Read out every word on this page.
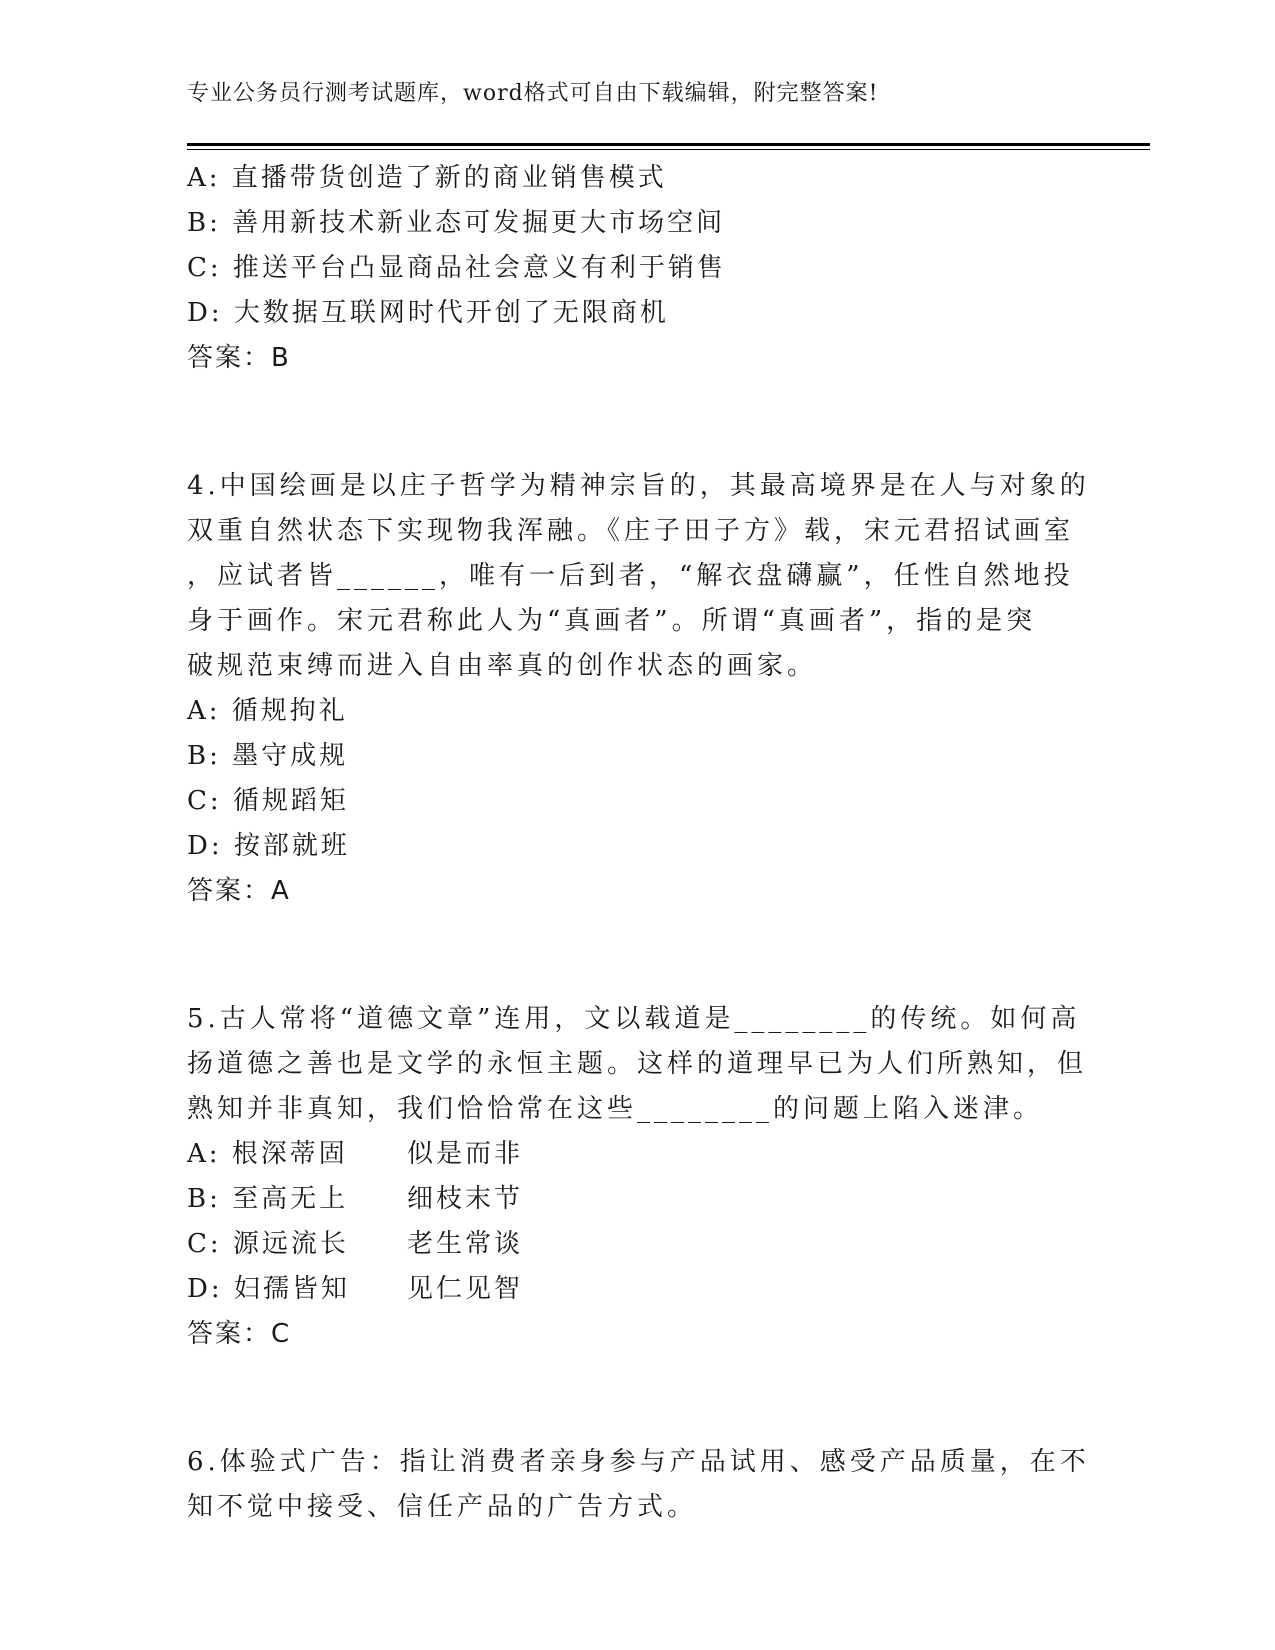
专业公务员行测考试题库，word格式可自由下载编辑，附完整答案!
A: 直播带货创造了新的商业销售模式
B: 善用新技术新业态可发掘更大市场空间
C: 推送平台凸显商品社会意义有利于销售
D: 大数据互联网时代开创了无限商机
答案：B
4.中国绘画是以庄子哲学为精神宗旨的，其最高境界是在人与对象的
双重自然状态下实现物我浑融。《庄子田子方》载，宋元君招试画室
，应试者皆______，唯有一后到者，“解衣盘礴赢”，任性自然地投
身于画作。宋元君称此人为“真画者”。所谓“真画者”，指的是突
破规范束缚而进入自由率真的创作状态的画家。
A: 循规拘礼
B: 墨守成规
C: 循规蹈矩
D: 按部就班
答案：A
5.古人常将“道德文章”连用，文以载道是________的传统。如何高
扬道德之善也是文学的永恒主题。这样的道理早已为人们所熟知，但
熟知并非真知，我们恰恰常在这些________的问题上陷入迷津。
A: 根深蒂固 似是而非
B: 至高无上 细枝末节
C: 源远流长 老生常谈
D: 妇孺皆知 见仁见智
答案：C
6.体验式广告：指让消费者亲身参与产品试用、感受产品质量，在不
知不觉中接受、信任产品的广告方式。
